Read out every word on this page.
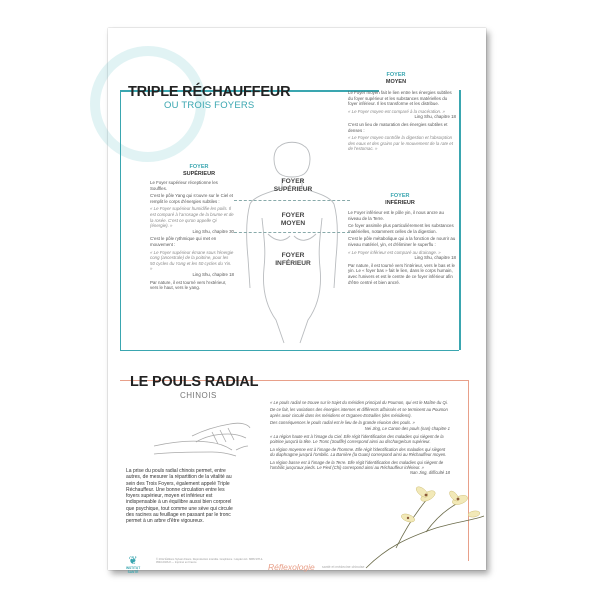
TRIPLE RÉCHAUFFEUR
OU TROIS FOYERS
FOYER
MOYEN
Le Foyer moyen fait le lien entre les énergies subtiles du foyer supérieur et les substances matérielles du foyer inférieur. Il les transforme et les distribue.
« Le Foyer moyen est comparé à la macération. »
Ling Shu, chapitre 18
C'est un lieu de maturation des énergies subtiles et denses :
« Le Foyer moyen contrôle la digestion et l'absorption des eaux et des grains par le mouvement de la rate et de l'estomac. »
FOYER
SUPÉRIEUR
Le Foyer supérieur réceptionne les Souffles.
C'est le pôle Yang qui s'ouvre sur le Ciel et remplit le corps d'énergies subtiles :
« Le Foyer supérieur humidifie les poils. Il est comparé à l'arrosage de la brume et de la rosée. C'est ce qu'on appelle Qi (énergie). »
Ling Shu, chapitre 30
C'est le pôle rythmique qui met en mouvement :
« Le Foyer supérieur émane sous l'énergie cong (ancestrale) de la poitrine, pour les 50 cycles du Yang et les 50 cycles du Yin. »
Ling Shu, chapitre 18
Par nature, il est tourné vers l'extérieur, vers le haut, vers le yang.
FOYER
INFÉRIEUR
Le Foyer inférieur est le pôle yin, il nous ancre au niveau de la Terre.
Ce foyer assimile plus particulièrement les substances matérielles, notamment celles de la digestion.
C'est le pôle métabolique qui a la fonction de nourrir au niveau matériel, yin, et d'éliminer le superflu :
« Le Foyer inférieur est comparé au drainage. »
Ling Shu, chapitre 18
Par nature, il est tourné vers l'intérieur, vers le bas et le yin. Le « foyer bas » fait le lien, dans le corps humain, avec l'univers et est le centre de ce foyer inférieur afin d'être centré et bien ancré.
FOYER
SUPÉRIEUR
FOYER
MOYEN
FOYER
INFÉRIEUR
LE POULS RADIAL
CHINOIS
La prise du pouls radial chinois permet, entre autres, de mesurer la répartition de la vitalité au sein des Trois Foyers, également appelé Triple Réchauffeur. Une bonne circulation entre les foyers supérieur, moyen et inférieur est indispensable à un équilibre aussi bien corporel que psychique, tout comme une sève qui circule des racines au feuillage en passant par le tronc permet à un arbre d'être vigoureux.
« Le pouls radial se trouve sur le trajet du méridien principal du Poumon, qui est le Maître du Qi.
De ce fait, les variations des énergies internes et différents affaissés et se terminent au Poumon après avoir circulé dans les méridiens et Organes-Entrailles (des méridiens).
Des conséquences le pouls radial est le lieu de la grande réunion des pouls. »
Nei Jing, Le Canon des pouls (nan) chapitre 1
« La région haute est à l'image du Ciel. Elle régit l'identification des maladies qui siègent de la poitrine jusqu'à la tête. Le Tronc (Souffle) correspond ainsi au discharge/cun supérieur.
La région moyenne est à l'image de l'homme. Elle régit l'identification des maladies qui siègent du diaphragme jusqu'à l'ombilic. La Barrière (la Guan) correspond ainsi au Réchauffeur moyen.
La région basse est à l'image de la Terre. Elle régit l'identification des maladies qui siègent de l'ombilic jusqu'aux pieds. Le Pied (Chi) correspond ainsi au Réchauffeur inférieur. »
Nan Jing, difficulté 18
❦
INSTITUT
SANTÉ
© 2012 Éditions Sylvain Fleurs. Reproduction interdite. Graphisme : Hayden Art. ISBN 978-2-9540-0026-8 — Imprimé en France	Réflexologie santé et médecine chinoise
